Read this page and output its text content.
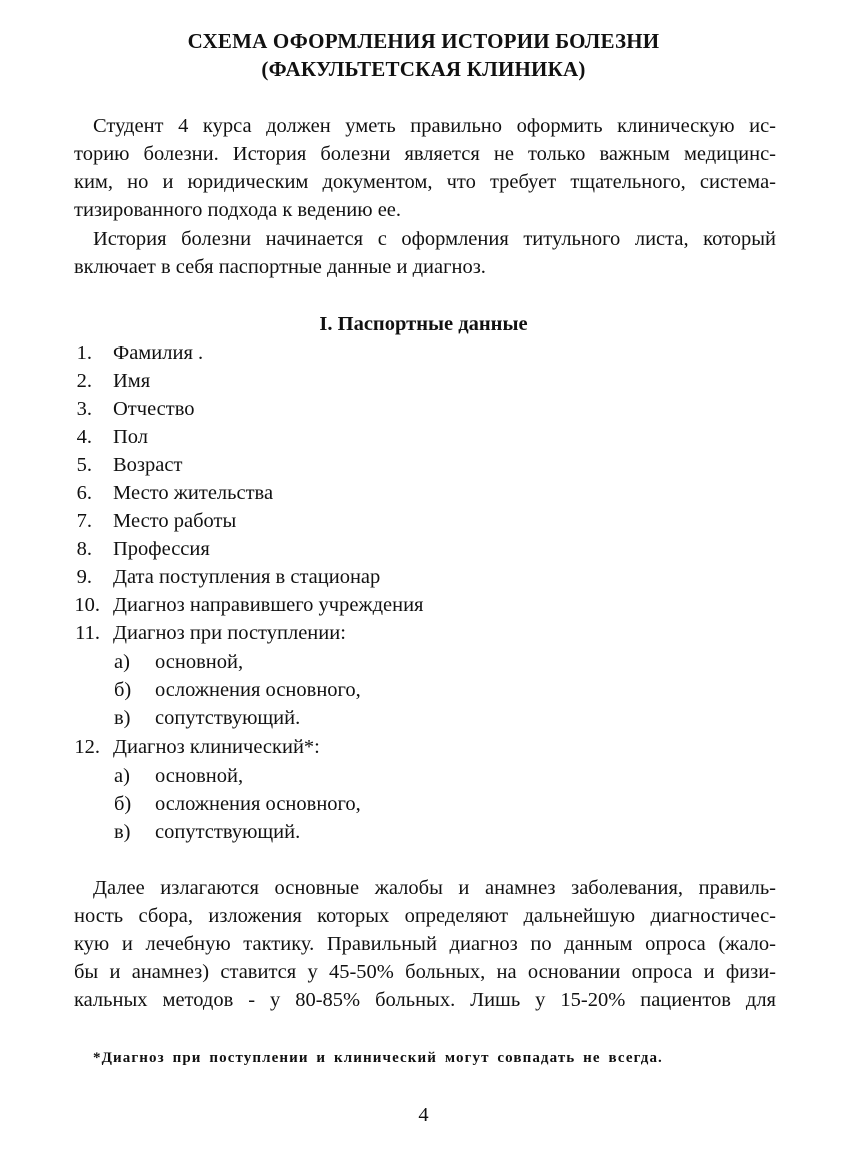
СХЕМА ОФОРМЛЕНИЯ ИСТОРИИ БОЛЕЗНИ
(ФАКУЛЬТЕТСКАЯ КЛИНИКА)
Студент 4 курса должен уметь правильно оформить клиническую ис-
торию болезни. История болезни является не только важным медицинс-
ким, но и юридическим документом, что требует тщательного, системa-
тизированного подхода к ведению ее.
История болезни начинается с оформления титульного листа, который
включает в себя паспортные данные и диагноз.
I. Паспортные данные
1. Фамилия .
2. Имя
3. Отчество
4. Пол
5. Возраст
6. Место жительства
7. Место работы
8. Профессия
9. Дата поступления в стационар
10. Диагноз направившего учреждения
11. Диагноз при поступлении:
а) основной,
б) осложнения основного,
в) сопутствующий.
12. Диагноз клинический*:
а) основной,
б) осложнения основного,
в) сопутствующий.
Далее излагаются основные жалобы и анамнез заболевания, правиль-
ность сбора, изложения которых определяют дальнейшую диагностичес-
кую и лечебную тактику. Правильный диагноз по данным опроса (жало-
бы и анамнез) ставится у 45-50% больных, на основании опроса и физи-
кальных методов - у 80-85% больных. Лишь у 15-20% пациентов для
*Диагноз при поступлении и клинический могут совпадать не всегда.
4
